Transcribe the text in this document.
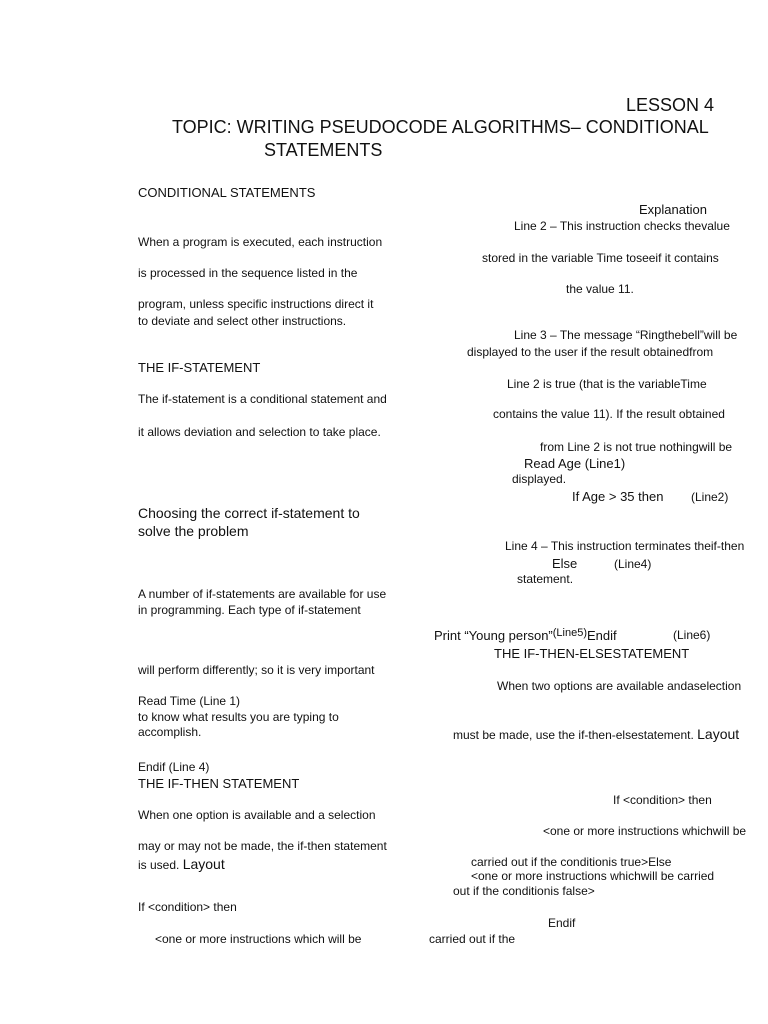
LESSON 4
TOPIC: WRITING PSEUDOCODE ALGORITHMS– CONDITIONAL
STATEMENTS
CONDITIONAL STATEMENTS
When a program is executed, each instruction
is processed in the sequence listed in the
program, unless specific instructions direct it
to deviate and select other instructions.
THE IF-STATEMENT
The if-statement is a conditional statement and
it allows deviation and selection to take place.
Choosing the correct if-statement to
solve the problem
A number of if-statements are available for use
in programming. Each type of if-statement
will perform differently; so it is very important
Read Time (Line 1)
to know what results you are typing to
accomplish.
Endif (Line 4)
THE IF-THEN STATEMENT
When one option is available and a selection
may or may not be made, the if-then statement
is used. Layout
If <condition> then
<one or more instructions which will be	carried out if the
Explanation
Line 2 – This instruction checks thevalue
stored in the variable Time toseeif it contains
the value 11.
Line 3 – The message “Ringthebell”will be
displayed to the user if the result obtainedfrom
Line 2 is true (that is the variableTime
contains the value 11). If the result obtained
from Line 2 is not true nothingwill be
Read Age (Line1)
displayed.
If Age > 35 then (Line2)
Line 4 – This instruction terminates theif-then
Else	(Line4)
statement.
Print “Young person”$^{(Line5)}$Endif	(Line6)
THE IF-THEN-ELSESTATEMENT
When two options are available andaselection
must be made, use the if-then-elsestatement. Layout
If <condition> then
<one or more instructions whichwill be
carried out if the conditionis true>Else
<one or more instructions whichwill be carried
out if the conditionis false>
Endif
